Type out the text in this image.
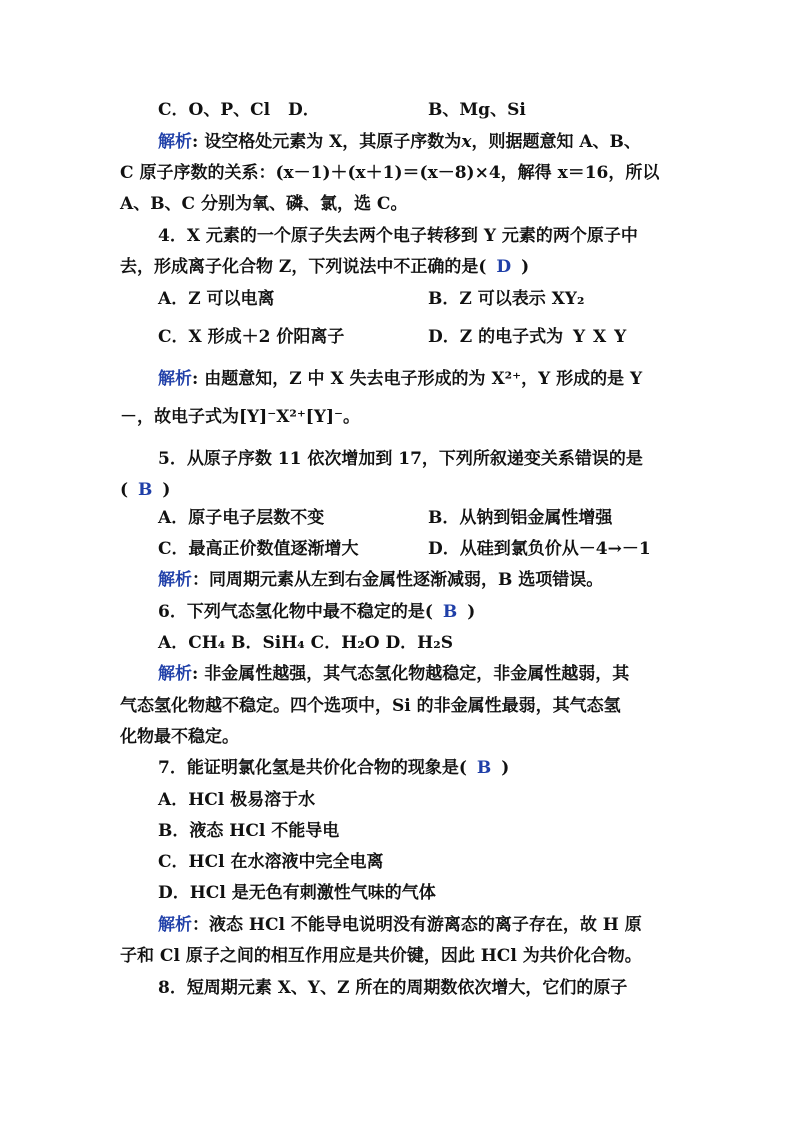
C．O、P、Cl D．	B、Mg、Si
解析: 设空格处元素为 X，其原子序数为x，则据题意知 A、B、
C 原子序数的关系：(x－1)＋(x＋1)＝(x－8)×4，解得 x＝16，所以
A、B、C 分别为氧、磷、氯，选 C。
4．X 元素的一个原子失去两个电子转移到 Y 元素的两个原子中
去，形成离子化合物 Z，下列说法中不正确的是( D )
A．Z 可以电离	B．Z 可以表示 XY₂
C．X 形成＋2 价阳离子	D．Z 的电子式为 Y X Y
解析: 由题意知，Z 中 X 失去电子形成的为 X²⁺，Y 形成的是 Y
－，故电子式为[Y]⁻X²⁺[Y]⁻。
5．从原子序数 11 依次增加到 17，下列所叙递变关系错误的是
( B )
A．原子电子层数不变	B．从钠到铝金属性增强
C．最高正价数值逐渐增大	D．从硅到氯负价从－4→－1
解析：同周期元素从左到右金属性逐渐减弱，B 选项错误。
6．下列气态氢化物中最不稳定的是( B )
A．CH₄ B．SiH₄ C．H₂O D．H₂S
解析: 非金属性越强，其气态氢化物越稳定，非金属性越弱，其
气态氢化物越不稳定。四个选项中，Si 的非金属性最弱，其气态氢
化物最不稳定。
7．能证明氯化氢是共价化合物的现象是( B )
A．HCl 极易溶于水
B．液态 HCl 不能导电
C．HCl 在水溶液中完全电离
D．HCl 是无色有刺激性气味的气体
解析：液态 HCl 不能导电说明没有游离态的离子存在，故 H 原
子和 Cl 原子之间的相互作用应是共价键，因此 HCl 为共价化合物。
8．短周期元素 X、Y、Z 所在的周期数依次增大，它们的原子
